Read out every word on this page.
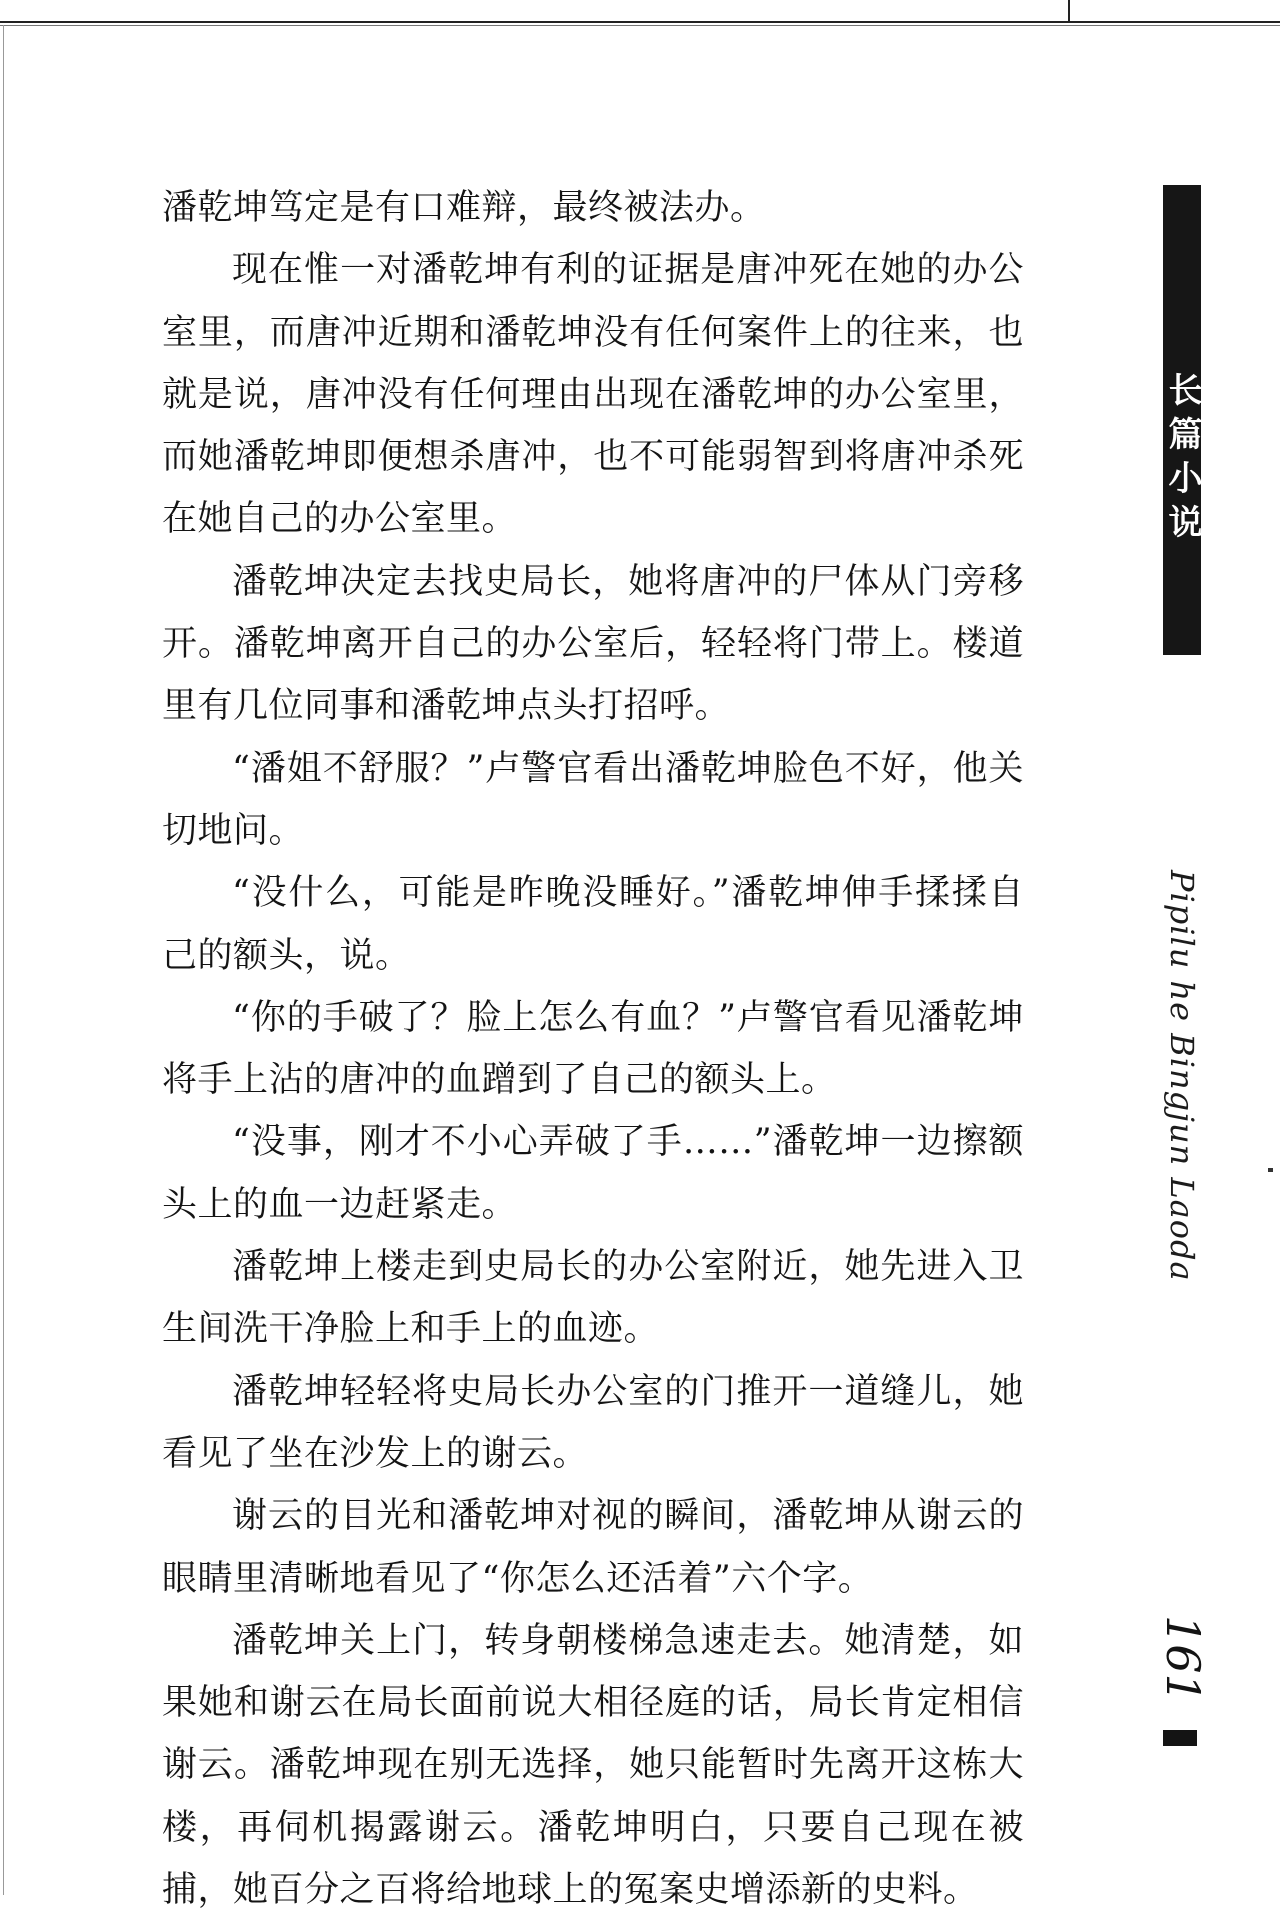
潘乾坤笃定是有口难辩，最终被法办。

现在惟一对潘乾坤有利的证据是唐冲死在她的办公室里，而唐冲近期和潘乾坤没有任何案件上的往来，也就是说，唐冲没有任何理由出现在潘乾坤的办公室里，而她潘乾坤即便想杀唐冲，也不可能弱智到将唐冲杀死在她自己的办公室里。

潘乾坤决定去找史局长，她将唐冲的尸体从门旁移开。潘乾坤离开自己的办公室后，轻轻将门带上。楼道里有几位同事和潘乾坤点头打招呼。

“潘姐不舒服？”卢警官看出潘乾坤脸色不好，他关切地问。

“没什么，可能是昨晚没睡好。”潘乾坤伸手揉揉自己的额头，说。

“你的手破了？脸上怎么有血？”卢警官看见潘乾坤将手上沾的唐冲的血蹭到了自己的额头上。

“没事，刚才不小心弄破了手……”潘乾坤一边擦额头上的血一边赶紧走。

潘乾坤上楼走到史局长的办公室附近，她先进入卫生间洗干净脸上和手上的血迹。

潘乾坤轻轻将史局长办公室的门推开一道缝儿，她看见了坐在沙发上的谢云。

谢云的目光和潘乾坤对视的瞬间，潘乾坤从谢云的眼睛里清晰地看见了“你怎么还活着”六个字。

潘乾坤关上门，转身朝楼梯急速走去。她清楚，如果她和谢云在局长面前说大相径庭的话，局长肯定相信谢云。潘乾坤现在别无选择，她只能暂时先离开这栋大楼，再伺机揭露谢云。潘乾坤明白，只要自己现在被捕，她百分之百将给地球上的冤案史增添新的史料。

长篇小说
Pipilu he Bingjun Laoda
161
